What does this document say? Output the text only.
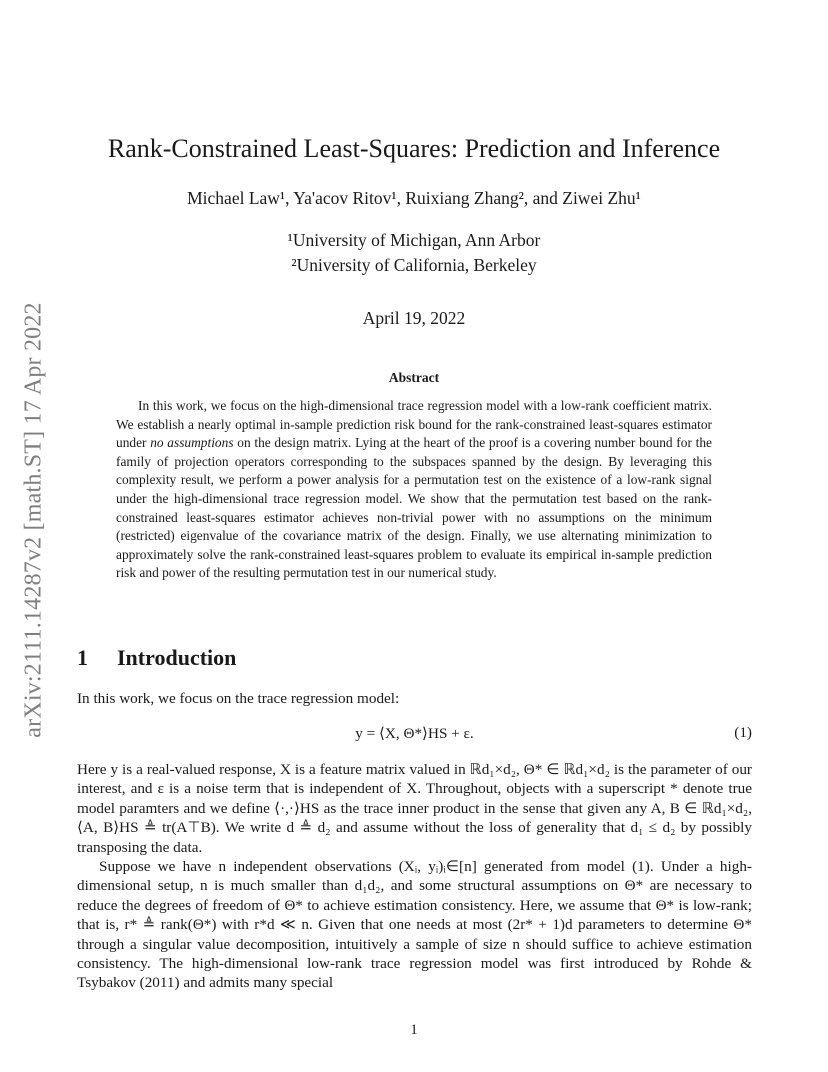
arXiv:2111.14287v2 [math.ST] 17 Apr 2022
Rank-Constrained Least-Squares: Prediction and Inference
Michael Law¹, Ya'acov Ritov¹, Ruixiang Zhang², and Ziwei Zhu¹
¹University of Michigan, Ann Arbor
²University of California, Berkeley
April 19, 2022
Abstract

In this work, we focus on the high-dimensional trace regression model with a low-rank coefficient matrix. We establish a nearly optimal in-sample prediction risk bound for the rank-constrained least-squares estimator under no assumptions on the design matrix. Lying at the heart of the proof is a covering number bound for the family of projection operators corresponding to the subspaces spanned by the design. By leveraging this complexity result, we perform a power analysis for a permutation test on the existence of a low-rank signal under the high-dimensional trace regression model. We show that the permutation test based on the rank-constrained least-squares estimator achieves non-trivial power with no assumptions on the minimum (restricted) eigenvalue of the covariance matrix of the design. Finally, we use alternating minimization to approximately solve the rank-constrained least-squares problem to evaluate its empirical in-sample prediction risk and power of the resulting permutation test in our numerical study.

1 Introduction

In this work, we focus on the trace regression model:

y = ⟨X, Θ*⟩HS + ε.	(1)

Here y is a real-valued response, X is a feature matrix valued in ℝd₁×d₂, Θ* ∈ ℝd₁×d₂ is the parameter of our interest, and ε is a noise term that is independent of X. Throughout, objects with a superscript * denote true model paramters and we define ⟨·,·⟩HS as the trace inner product in the sense that given any A, B ∈ ℝd₁×d₂, ⟨A, B⟩HS ≜ tr(A⊤B). We write d ≜ d₂ and assume without the loss of generality that d₁ ≤ d₂ by possibly transposing the data.

Suppose we have n independent observations (Xᵢ, yᵢ)ᵢ∈[n] generated from model (1). Under a high-dimensional setup, n is much smaller than d₁d₂, and some structural assumptions on Θ* are necessary to reduce the degrees of freedom of Θ* to achieve estimation consistency. Here, we assume that Θ* is low-rank; that is, r* ≜ rank(Θ*) with r*d ≪ n. Given that one needs at most (2r* + 1)d parameters to determine Θ* through a singular value decomposition, intuitively a sample of size n should suffice to achieve estimation consistency. The high-dimensional low-rank trace regression model was first introduced by Rohde & Tsybakov (2011) and admits many special

1
